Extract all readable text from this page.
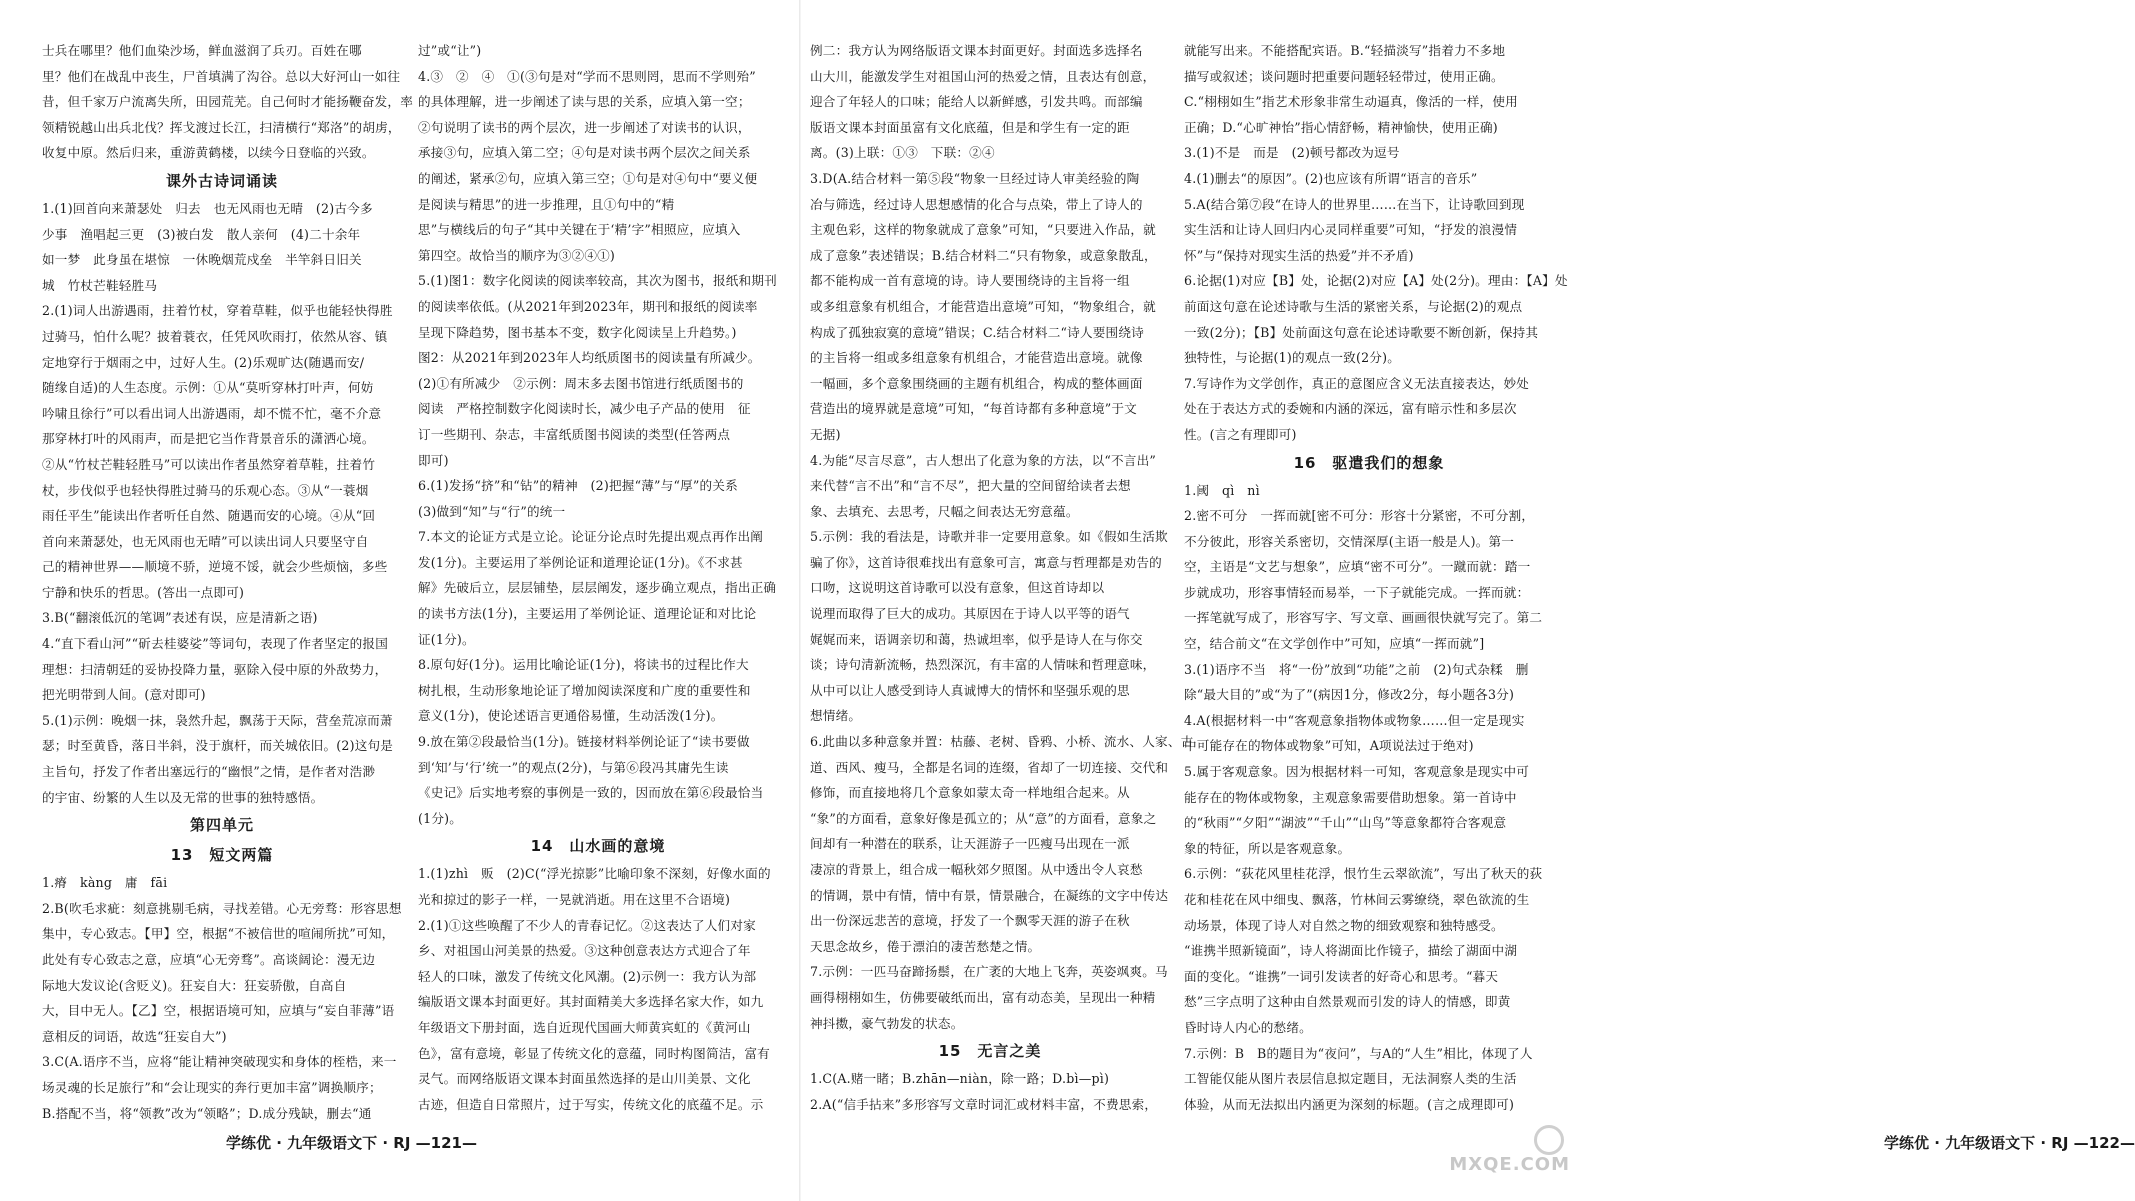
士兵在哪里？他们血染沙场，鲜血滋润了兵刃。百姓在哪
里？他们在战乱中丧生，尸首填满了沟谷。总以大好河山一如往
昔，但千家万户流离失所，田园荒芜。自己何时才能扬鞭奋发，率
领精锐越山出兵北伐？挥戈渡过长江，扫清横行“郑洛”的胡虏，
收复中原。然后归来，重游黄鹤楼，以续今日登临的兴致。
课外古诗词诵读
1.(1)回首向来萧瑟处　归去　也无风雨也无晴　(2)古今多
少事　渔唱起三更　(3)被白发　散人亲何　(4)二十余年
如一梦　此身虽在堪惊　一休晚烟荒戍垒　半竿斜日旧关
城　竹杖芒鞋轻胜马
2.(1)词人出游遇雨，拄着竹杖，穿着草鞋，似乎也能轻快得胜
过骑马，怕什么呢？披着蓑衣，任凭风吹雨打，依然从容、镇
定地穿行于烟雨之中，过好人生。(2)乐观旷达(随遇而安/
随缘自适)的人生态度。示例：①从“莫听穿林打叶声，何妨
吟啸且徐行”可以看出词人出游遇雨，却不慌不忙，毫不介意
那穿林打叶的风雨声，而是把它当作背景音乐的潇洒心境。
②从“竹杖芒鞋轻胜马”可以读出作者虽然穿着草鞋，拄着竹
杖，步伐似乎也轻快得胜过骑马的乐观心态。③从“一蓑烟
雨任平生”能读出作者听任自然、随遇而安的心境。④从“回
首向来萧瑟处，也无风雨也无晴”可以读出词人只要坚守自
己的精神世界——顺境不骄，逆境不馁，就会少些烦恼，多些
宁静和快乐的哲思。(答出一点即可)
3.B(“翻滚低沉的笔调”表述有误，应是清新之语)
4.“直下看山河”“斫去桂婆娑”等词句，表现了作者坚定的报国
理想：扫清朝廷的妥协投降力量，驱除入侵中原的外敌势力，
把光明带到人间。(意对即可)
5.(1)示例：晚烟一抹，袅然升起，飘荡于天际，营垒荒凉而萧
瑟；时至黄昏，落日半斜，没于旗杆，而关城依旧。(2)这句是
主旨句，抒发了作者出塞远行的“幽恨”之情，是作者对浩渺
的宇宙、纷繁的人生以及无常的世事的独特感悟。
第四单元
13　短文两篇
1.瘠　kàng　庸　fāi
2.B(吹毛求疵：刻意挑剔毛病，寻找差错。心无旁骛：形容思想
集中，专心致志。【甲】空，根据“不被信世的喧闹所扰”可知，
此处有专心致志之意，应填“心无旁骛”。高谈阔论：漫无边
际地大发议论(含贬义)。狂妄自大：狂妄骄傲，自高自
大，目中无人。【乙】空，根据语境可知，应填与“妄自菲薄”语
意相反的词语，故选“狂妄自大”)
3.C(A.语序不当，应将“能让精神突破现实和身体的桎梏，来一
场灵魂的长足旅行”和“会让现实的奔行更加丰富”调换顺序；
B.搭配不当，将“领教”改为“领略”；D.成分残缺，删去“通
过”或“让”)
4.③　②　④　①(③句是对“学而不思则罔，思而不学则殆”
的具体理解，进一步阐述了读与思的关系，应填入第一空；
②句说明了读书的两个层次，进一步阐述了对读书的认识，
承接③句，应填入第二空；④句是对读书两个层次之间关系
的阐述，紧承②句，应填入第三空；①句是对④句中“要义便
是阅读与精思”的进一步推理，且①句中的“精
思”与横线后的句子“其中关键在于‘精’字”相照应，应填入
第四空。故恰当的顺序为③②④①)
5.(1)图1：数字化阅读的阅读率较高，其次为图书，报纸和期刊
的阅读率依低。(从2021年到2023年，期刊和报纸的阅读率
呈现下降趋势，图书基本不变，数字化阅读呈上升趋势。)
图2：从2021年到2023年人均纸质图书的阅读量有所减少。
(2)①有所减少　②示例：周末多去图书馆进行纸质图书的
阅读　严格控制数字化阅读时长，减少电子产品的使用　征
订一些期刊、杂志，丰富纸质图书阅读的类型(任答两点
即可)
6.(1)发扬“挤”和“钻”的精神　(2)把握“薄”与“厚”的关系
(3)做到“知”与“行”的统一
7.本文的论证方式是立论。论证分论点时先提出观点再作出阐
发(1分)。主要运用了举例论证和道理论证(1分)。《不求甚
解》先破后立，层层铺垫，层层阐发，逐步确立观点，指出正确
的读书方法(1分)，主要运用了举例论证、道理论证和对比论
证(1分)。
8.原句好(1分)。运用比喻论证(1分)，将读书的过程比作大
树扎根，生动形象地论证了增加阅读深度和广度的重要性和
意义(1分)，使论述语言更通俗易懂，生动活泼(1分)。
9.放在第②段最恰当(1分)。链接材料举例论证了“读书要做
到‘知’与‘行’统一”的观点(2分)，与第⑥段冯其庸先生读
《史记》后实地考察的事例是一致的，因而放在第⑥段最恰当
(1分)。
14　山水画的意境
1.(1)zhì　贩　(2)C(“浮光掠影”比喻印象不深刻，好像水面的
光和掠过的影子一样，一晃就消逝。用在这里不合语境)
2.(1)①这些唤醒了不少人的青春记忆。②这表达了人们对家
乡、对祖国山河美景的热爱。③这种创意表达方式迎合了年
轻人的口味，激发了传统文化风潮。(2)示例一：我方认为部
编版语文课本封面更好。其封面精美大多选择名家大作，如九
年级语文下册封面，选自近现代国画大师黄宾虹的《黄河山
色》，富有意境，彰显了传统文化的意蕴，同时构图简洁，富有
灵气。而网络版语文课本封面虽然选择的是山川美景、文化
古迹，但造自日常照片，过于写实，传统文化的底蕴不足。示
学练优 · 九年级语文下 · RJ —121—
例二：我方认为网络版语文课本封面更好。封面选多选择名
山大川，能激发学生对祖国山河的热爱之情，且表达有创意，
迎合了年轻人的口味；能给人以新鲜感，引发共鸣。而部编
版语文课本封面虽富有文化底蕴，但是和学生有一定的距
离。(3)上联：①③　下联：②④
3.D(A.结合材料一第⑤段“物象一旦经过诗人审美经验的陶
冶与筛选，经过诗人思想感情的化合与点染，带上了诗人的
主观色彩，这样的物象就成了意象”可知，“只要进入作品，就
成了意象”表述错误；B.结合材料二“只有物象，或意象散乱，
都不能构成一首有意境的诗。诗人要围绕诗的主旨将一组
或多组意象有机组合，才能营造出意境”可知，“物象组合，就
构成了孤独寂寞的意境”错误；C.结合材料二“诗人要围绕诗
的主旨将一组或多组意象有机组合，才能营造出意境。就像
一幅画，多个意象围绕画的主题有机组合，构成的整体画面
营造出的境界就是意境”可知，“每首诗都有多种意境”于文
无据)
4.为能“尽言尽意”，古人想出了化意为象的方法，以“不言出”
来代替“言不出”和“言不尽”，把大量的空间留给读者去想
象、去填充、去思考，尺幅之间表达无穷意蕴。
5.示例：我的看法是，诗歌并非一定要用意象。如《假如生活欺
骗了你》，这首诗很难找出有意象可言，寓意与哲理都是劝告的
口吻，这说明这首诗歌可以没有意象，但这首诗却以
说理而取得了巨大的成功。其原因在于诗人以平等的语气
娓娓而来，语调亲切和蔼，热诚坦率，似乎是诗人在与你交
谈；诗句清新流畅，热烈深沉，有丰富的人情味和哲理意味，
从中可以让人感受到诗人真诚博大的情怀和坚强乐观的思
想情绪。
6.此曲以多种意象并置：枯藤、老树、昏鸦、小桥、流水、人家、古
道、西风、瘦马，全都是名词的连缀，省却了一切连接、交代和
修饰，而直接地将几个意象如蒙太奇一样地组合起来。从
“象”的方面看，意象好像是孤立的；从“意”的方面看，意象之
间却有一种潜在的联系，让天涯游子一匹瘦马出现在一派
凄凉的背景上，组合成一幅秋郊夕照图。从中透出令人哀愁
的情调，景中有情，情中有景，情景融合，在凝练的文字中传达
出一份深远悲苦的意境，抒发了一个飘零天涯的游子在秋
天思念故乡，倦于漂泊的凄苦愁楚之情。
7.示例：一匹马奋蹄扬鬃，在广袤的大地上飞奔，英姿飒爽。马
画得栩栩如生，仿佛要破纸而出，富有动态美，呈现出一种精
神抖擞，豪气勃发的状态。
15　无言之美
1.C(A.赌一睹；B.zhān—niàn，除一路；D.bì—pì)
2.A(“信手拈来”多形容写文章时词汇或材料丰富，不费思索，
就能写出来。不能搭配宾语。B.“轻描淡写”指着力不多地
描写或叙述；谈问题时把重要问题轻轻带过，使用正确。
C.“栩栩如生”指艺术形象非常生动逼真，像活的一样，使用
正确；D.“心旷神怡”指心情舒畅，精神愉快，使用正确)
3.(1)不是　而是　(2)顿号都改为逗号
4.(1)删去“的原因”。(2)也应该有所谓“语言的音乐”
5.A(结合第⑦段“在诗人的世界里……在当下，让诗歌回到现
实生活和让诗人回归内心灵同样重要”可知，“抒发的浪漫情
怀”与“保持对现实生活的热爱”并不矛盾)
6.论据(1)对应【B】处，论据(2)对应【A】处(2分)。理由：【A】处
前面这句意在论述诗歌与生活的紧密关系，与论据(2)的观点
一致(2分)；【B】处前面这句意在论述诗歌要不断创新，保持其
独特性，与论据(1)的观点一致(2分)。
7.写诗作为文学创作，真正的意图应含义无法直接表达，妙处
处在于表达方式的委婉和内涵的深远，富有暗示性和多层次
性。(言之有理即可)
16　驱遣我们的想象
1.阈　qì　nì
2.密不可分　一挥而就[密不可分：形容十分紧密，不可分割，
不分彼此，形容关系密切，交情深厚(主语一般是人)。第一
空，主语是“文艺与想象”，应填“密不可分”。一蹴而就：踏一
步就成功，形容事情轻而易举，一下子就能完成。一挥而就：
一挥笔就写成了，形容写字、写文章、画画很快就写完了。第二
空，结合前文“在文学创作中”可知，应填“一挥而就”]
3.(1)语序不当　将“一份”放到“功能”之前　(2)句式杂糅　删
除“最大目的”或“为了”(病因1分，修改2分，每小题各3分)
4.A(根据材料一中“客观意象指物体或物象……但一定是现实
中可能存在的物体或物象”可知，A项说法过于绝对)
5.属于客观意象。因为根据材料一可知，客观意象是现实中可
能存在的物体或物象，主观意象需要借助想象。第一首诗中
的“秋雨”“夕阳”“湖波”“千山”“山鸟”等意象都符合客观意
象的特征，所以是客观意象。
6.示例：“荻花风里桂花浮，恨竹生云翠欲流”，写出了秋天的荻
花和桂花在风中细曳、飘落，竹林间云雾缭绕，翠色欲流的生
动场景，体现了诗人对自然之物的细致观察和独特感受。
“谁携半照新镜面”，诗人将湖面比作镜子，描绘了湖面中湖
面的变化。“谁携”一词引发读者的好奇心和思考。“暮天
愁”三字点明了这种由自然景观而引发的诗人的情感，即黄
昏时诗人内心的愁绪。
7.示例：B　B的题目为“夜问”，与A的“人生”相比，体现了人
工智能仅能从图片表层信息拟定题目，无法洞察人类的生活
体验，从而无法拟出内涵更为深刻的标题。(言之成理即可)
学练优 · 九年级语文下 · RJ —122—
MXQE.COM
